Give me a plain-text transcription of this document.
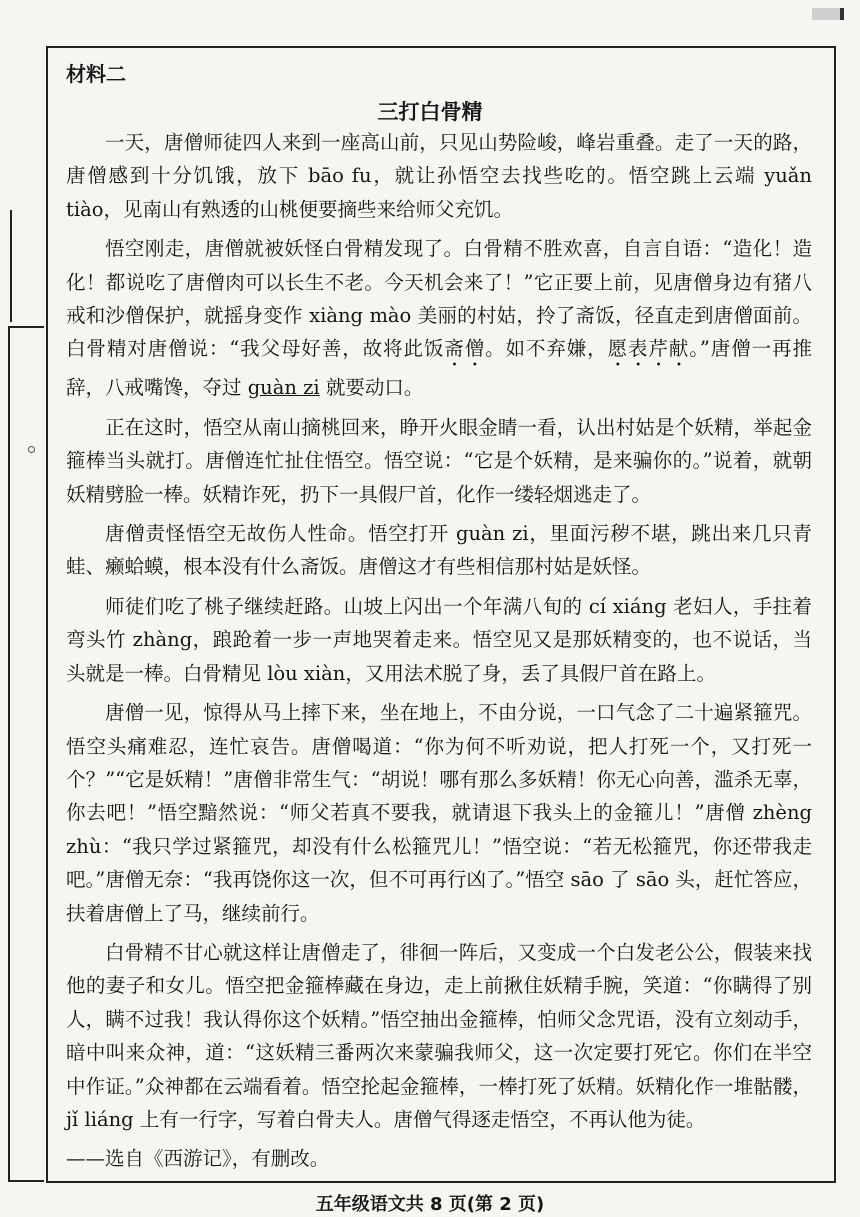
材料二
三打白骨精

一天，唐僧师徒四人来到一座高山前，只见山势险峻，峰岩重叠。走了一天的路，唐僧感到十分饥饿，放下 bāo fu，就让孙悟空去找些吃的。悟空跳上云端 yuǎn tiào，见南山有熟透的山桃便要摘些来给师父充饥。

悟空刚走，唐僧就被妖怪白骨精发现了。白骨精不胜欢喜，自言自语：“造化！造化！都说吃了唐僧肉可以长生不老。今天机会来了！”它正要上前，见唐僧身边有猪八戒和沙僧保护，就摇身变作 xiàng mào 美丽的村姑，拎了斋饭，径直走到唐僧面前。白骨精对唐僧说：“我父母好善，故将此饭斋僧。如不弃嫌，愿表芹献。”唐僧一再推辞，八戒嘴馋，夺过 guàn zi 就要动口。

正在这时，悟空从南山摘桃回来，睁开火眼金睛一看，认出村姑是个妖精，举起金箍棒当头就打。唐僧连忙扯住悟空。悟空说：“它是个妖精，是来骗你的。”说着，就朝妖精劈脸一棒。妖精诈死，扔下一具假尸首，化作一缕轻烟逃走了。

唐僧责怪悟空无故伤人性命。悟空打开 guàn zi，里面污秽不堪，跳出来几只青蛙、癞蛤蟆，根本没有什么斋饭。唐僧这才有些相信那村姑是妖怪。

师徒们吃了桃子继续赶路。山坡上闪出一个年满八旬的 cí xiáng 老妇人，手拄着弯头竹 zhàng，踉跄着一步一声地哭着走来。悟空见又是那妖精变的，也不说话，当头就是一棒。白骨精见 lòu xiàn，又用法术脱了身，丢了具假尸首在路上。

唐僧一见，惊得从马上摔下来，坐在地上，不由分说，一口气念了二十遍紧箍咒。悟空头痛难忍，连忙哀告。唐僧喝道：“你为何不听劝说，把人打死一个，又打死一个？”“它是妖精！”唐僧非常生气：“胡说！哪有那么多妖精！你无心向善，滥杀无辜，你去吧！”悟空黯然说：“师父若真不要我，就请退下我头上的金箍儿！”唐僧 zhèng zhù：“我只学过紧箍咒，却没有什么松箍咒儿！”悟空说：“若无松箍咒，你还带我走吧。”唐僧无奈：“我再饶你这一次，但不可再行凶了。”悟空 sāo 了 sāo 头，赶忙答应，扶着唐僧上了马，继续前行。

白骨精不甘心就这样让唐僧走了，徘徊一阵后，又变成一个白发老公公，假装来找他的妻子和女儿。悟空把金箍棒藏在身边，走上前揪住妖精手腕，笑道：“你瞒得了别人，瞒不过我！我认得你这个妖精。”悟空抽出金箍棒，怕师父念咒语，没有立刻动手，暗中叫来众神，道：“这妖精三番两次来蒙骗我师父，这一次定要打死它。你们在半空中作证。”众神都在云端看着。悟空抡起金箍棒，一棒打死了妖精。妖精化作一堆骷髅，jǐ liáng 上有一行字，写着白骨夫人。唐僧气得逐走悟空，不再认他为徒。

——选自《西游记》，有删改。

五年级语文共 8 页(第 2 页)
